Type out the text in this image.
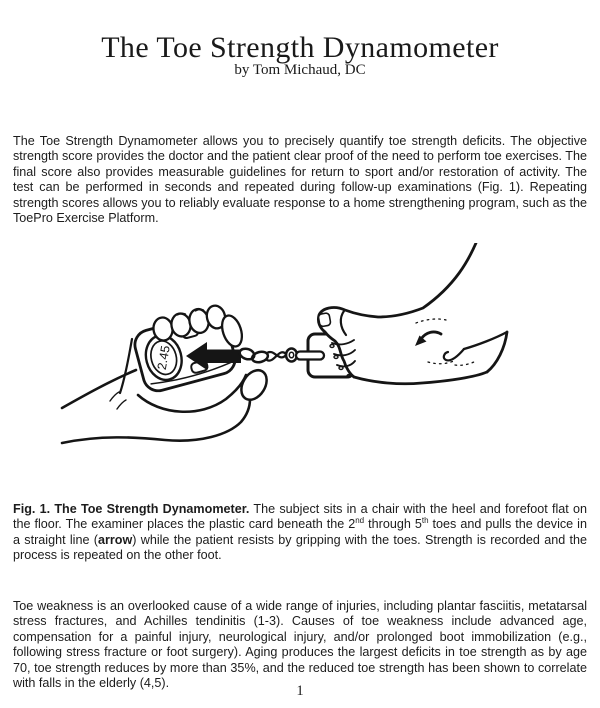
The Toe Strength Dynamometer
by Tom Michaud, DC

The Toe Strength Dynamometer allows you to precisely quantify toe strength deficits. The objective strength score provides the doctor and the patient clear proof of the need to perform toe exercises. The final score also provides measurable guidelines for return to sport and/or restoration of activity. The test can be performed in seconds and repeated during follow-up examinations (Fig. 1). Repeating strength scores allows you to reliably evaluate response to a home strengthening program, such as the ToePro Exercise Platform.

2.45

Fig. 1. The Toe Strength Dynamometer. The subject sits in a chair with the heel and forefoot flat on the floor. The examiner places the plastic card beneath the 2nd through 5th toes and pulls the device in a straight line (arrow) while the patient resists by gripping with the toes. Strength is recorded and the process is repeated on the other foot.

Toe weakness is an overlooked cause of a wide range of injuries, including plantar fasciitis, metatarsal stress fractures, and Achilles tendinitis (1-3). Causes of toe weakness include advanced age, compensation for a painful injury, neurological injury, and/or prolonged boot immobilization (e.g., following stress fracture or foot surgery). Aging produces the largest deficits in toe strength as by age 70, toe strength reduces by more than 35%, and the reduced toe strength has been shown to correlate with falls in the elderly (4,5).	1
